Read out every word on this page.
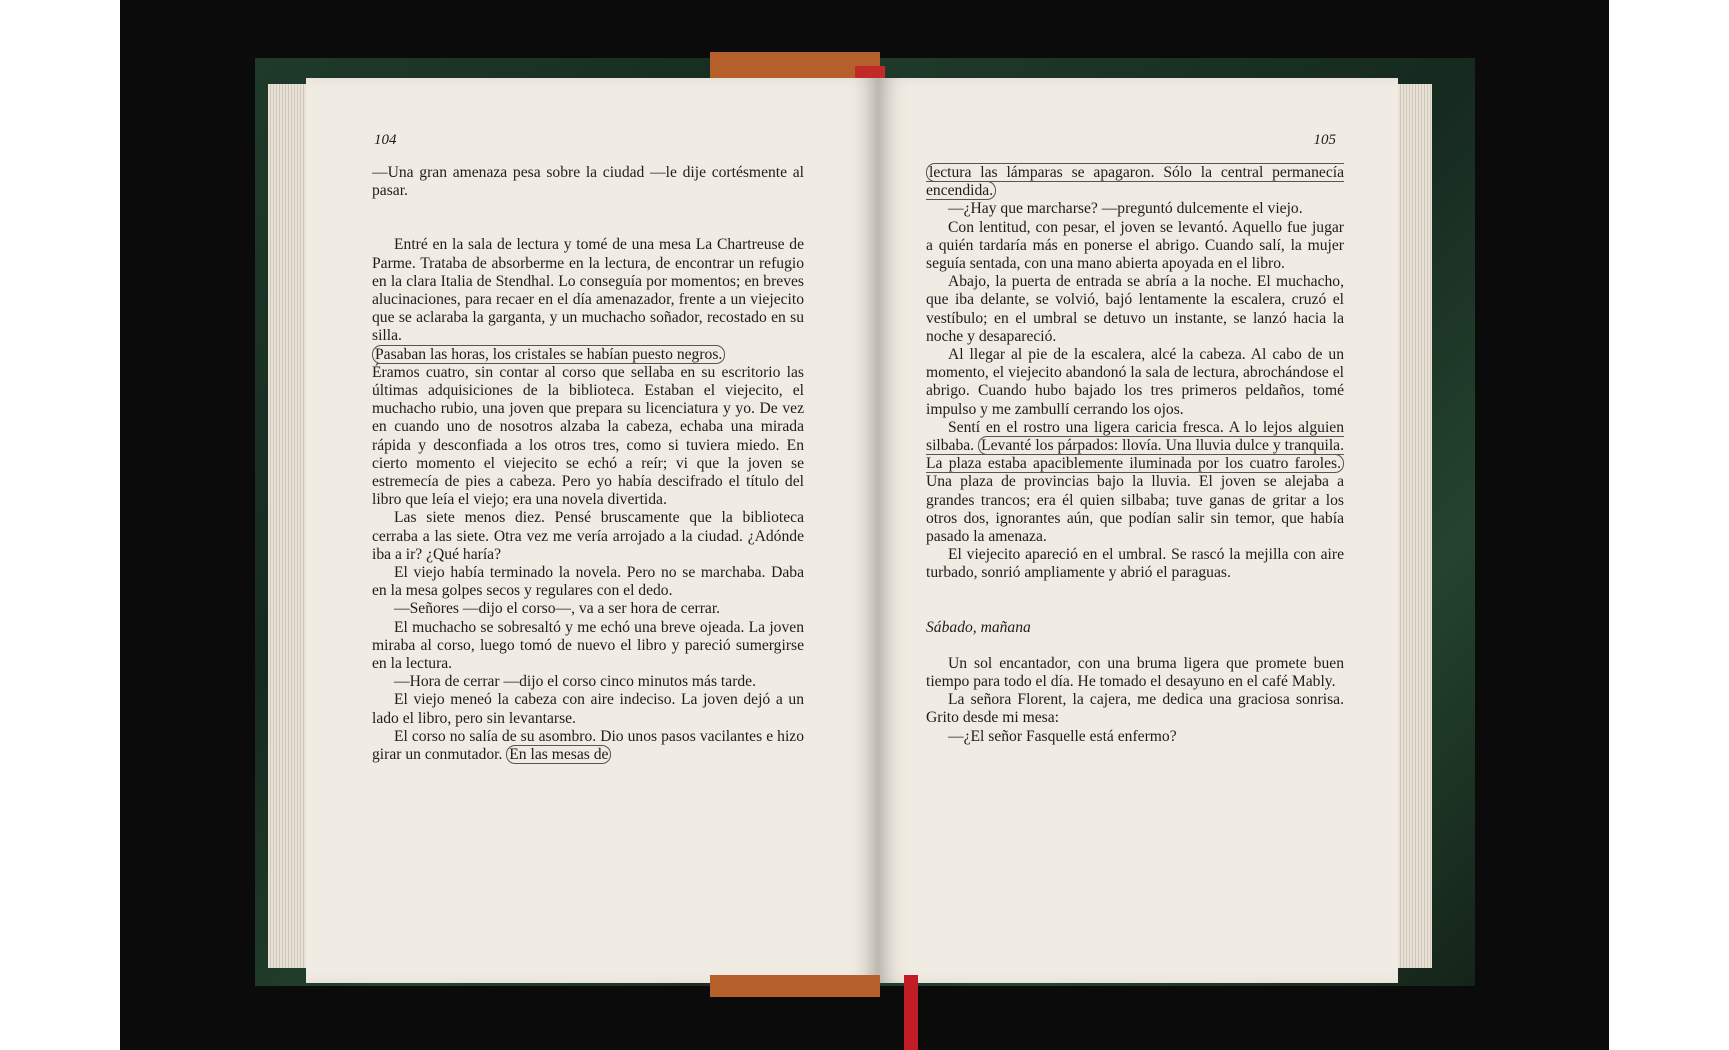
104

—Una gran amenaza pesa sobre la ciudad —le dije cortésmente al pasar.

Entré en la sala de lectura y tomé de una mesa La Chartreuse de Parme. Trataba de absorberme en la lectura, de encontrar un refugio en la clara Italia de Stendhal. Lo conseguía por momentos; en breves alucinaciones, para recaer en el día amenazador, frente a un viejecito que se aclaraba la garganta, y un muchacho soñador, recostado en su silla.

Pasaban las horas, los cristales se habían puesto negros.

Éramos cuatro, sin contar al corso que sellaba en su escritorio las últimas adquisiciones de la biblioteca. Estaban el viejecito, el muchacho rubio, una joven que prepara su licenciatura y yo. De vez en cuando uno de nosotros alzaba la cabeza, echaba una mirada rápida y desconfiada a los otros tres, como si tuviera miedo. En cierto momento el viejecito se echó a reír; vi que la joven se estremecía de pies a cabeza. Pero yo había descifrado el título del libro que leía el viejo; era una novela divertida.

Las siete menos diez. Pensé bruscamente que la biblioteca cerraba a las siete. Otra vez me vería arrojado a la ciudad. ¿Adónde iba a ir? ¿Qué haría?

El viejo había terminado la novela. Pero no se marchaba. Daba en la mesa golpes secos y regulares con el dedo.

—Señores —dijo el corso—, va a ser hora de cerrar.

El muchacho se sobresaltó y me echó una breve ojeada. La joven miraba al corso, luego tomó de nuevo el libro y pareció sumergirse en la lectura.

—Hora de cerrar —dijo el corso cinco minutos más tarde.

El viejo meneó la cabeza con aire indeciso. La joven dejó a un lado el libro, pero sin levantarse.

El corso no salía de su asombro. Dio unos pasos vacilantes e hizo girar un conmutador. En las mesas de

105

lectura las lámparas se apagaron. Sólo la central permanecía encendida.

—¿Hay que marcharse? —preguntó dulcemente el viejo.

Con lentitud, con pesar, el joven se levantó. Aquello fue jugar a quién tardaría más en ponerse el abrigo. Cuando salí, la mujer seguía sentada, con una mano abierta apoyada en el libro.

Abajo, la puerta de entrada se abría a la noche. El muchacho, que iba delante, se volvió, bajó lentamente la escalera, cruzó el vestíbulo; en el umbral se detuvo un instante, se lanzó hacia la noche y desapareció.

Al llegar al pie de la escalera, alcé la cabeza. Al cabo de un momento, el viejecito abandonó la sala de lectura, abrochándose el abrigo. Cuando hubo bajado los tres primeros peldaños, tomé impulso y me zambullí cerrando los ojos.

Sentí en el rostro una ligera caricia fresca. A lo lejos alguien silbaba. Levanté los párpados: llovía. Una lluvia dulce y tranquila. La plaza estaba apaciblemente iluminada por los cuatro faroles. Una plaza de provincias bajo la lluvia. El joven se alejaba a grandes trancos; era él quien silbaba; tuve ganas de gritar a los otros dos, ignorantes aún, que podían salir sin temor, que había pasado la amenaza.

El viejecito apareció en el umbral. Se rascó la mejilla con aire turbado, sonrió ampliamente y abrió el paraguas.

Sábado, mañana

Un sol encantador, con una bruma ligera que promete buen tiempo para todo el día. He tomado el desayuno en el café Mably.

La señora Florent, la cajera, me dedica una graciosa sonrisa. Grito desde mi mesa:

—¿El señor Fasquelle está enfermo?
